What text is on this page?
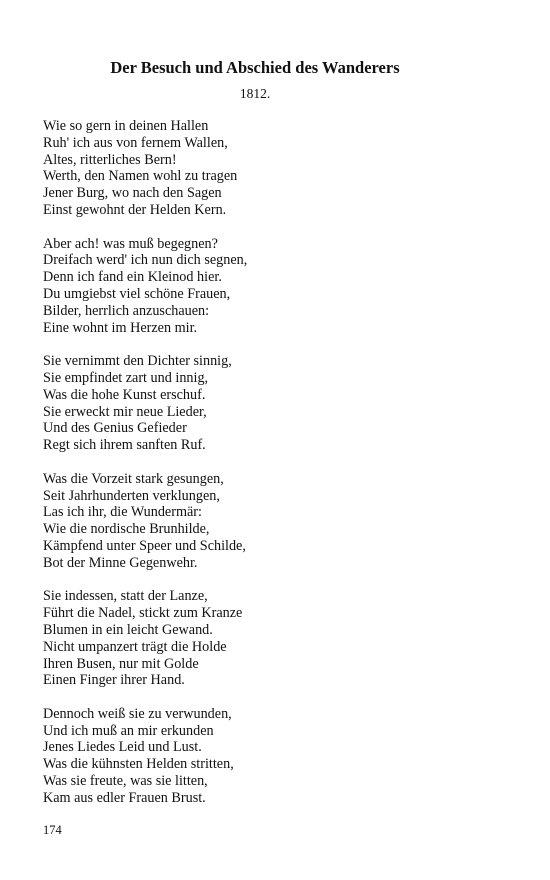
Der Besuch und Abschied des Wanderers
1812.
Wie so gern in deinen Hallen
Ruh' ich aus von fernem Wallen,
Altes, ritterliches Bern!
Werth, den Namen wohl zu tragen
Jener Burg, wo nach den Sagen
Einst gewohnt der Helden Kern.
Aber ach! was muß begegnen?
Dreifach werd' ich nun dich segnen,
Denn ich fand ein Kleinod hier.
Du umgiebst viel schöne Frauen,
Bilder, herrlich anzuschauen:
Eine wohnt im Herzen mir.
Sie vernimmt den Dichter sinnig,
Sie empfindet zart und innig,
Was die hohe Kunst erschuf.
Sie erweckt mir neue Lieder,
Und des Genius Gefieder
Regt sich ihrem sanften Ruf.
Was die Vorzeit stark gesungen,
Seit Jahrhunderten verklungen,
Las ich ihr, die Wundermär:
Wie die nordische Brunhilde,
Kämpfend unter Speer und Schilde,
Bot der Minne Gegenwehr.
Sie indessen, statt der Lanze,
Führt die Nadel, stickt zum Kranze
Blumen in ein leicht Gewand.
Nicht umpanzert trägt die Holde
Ihren Busen, nur mit Golde
Einen Finger ihrer Hand.
Dennoch weiß sie zu verwunden,
Und ich muß an mir erkunden
Jenes Liedes Leid und Lust.
Was die kühnsten Helden stritten,
Was sie freute, was sie litten,
Kam aus edler Frauen Brust.
174
